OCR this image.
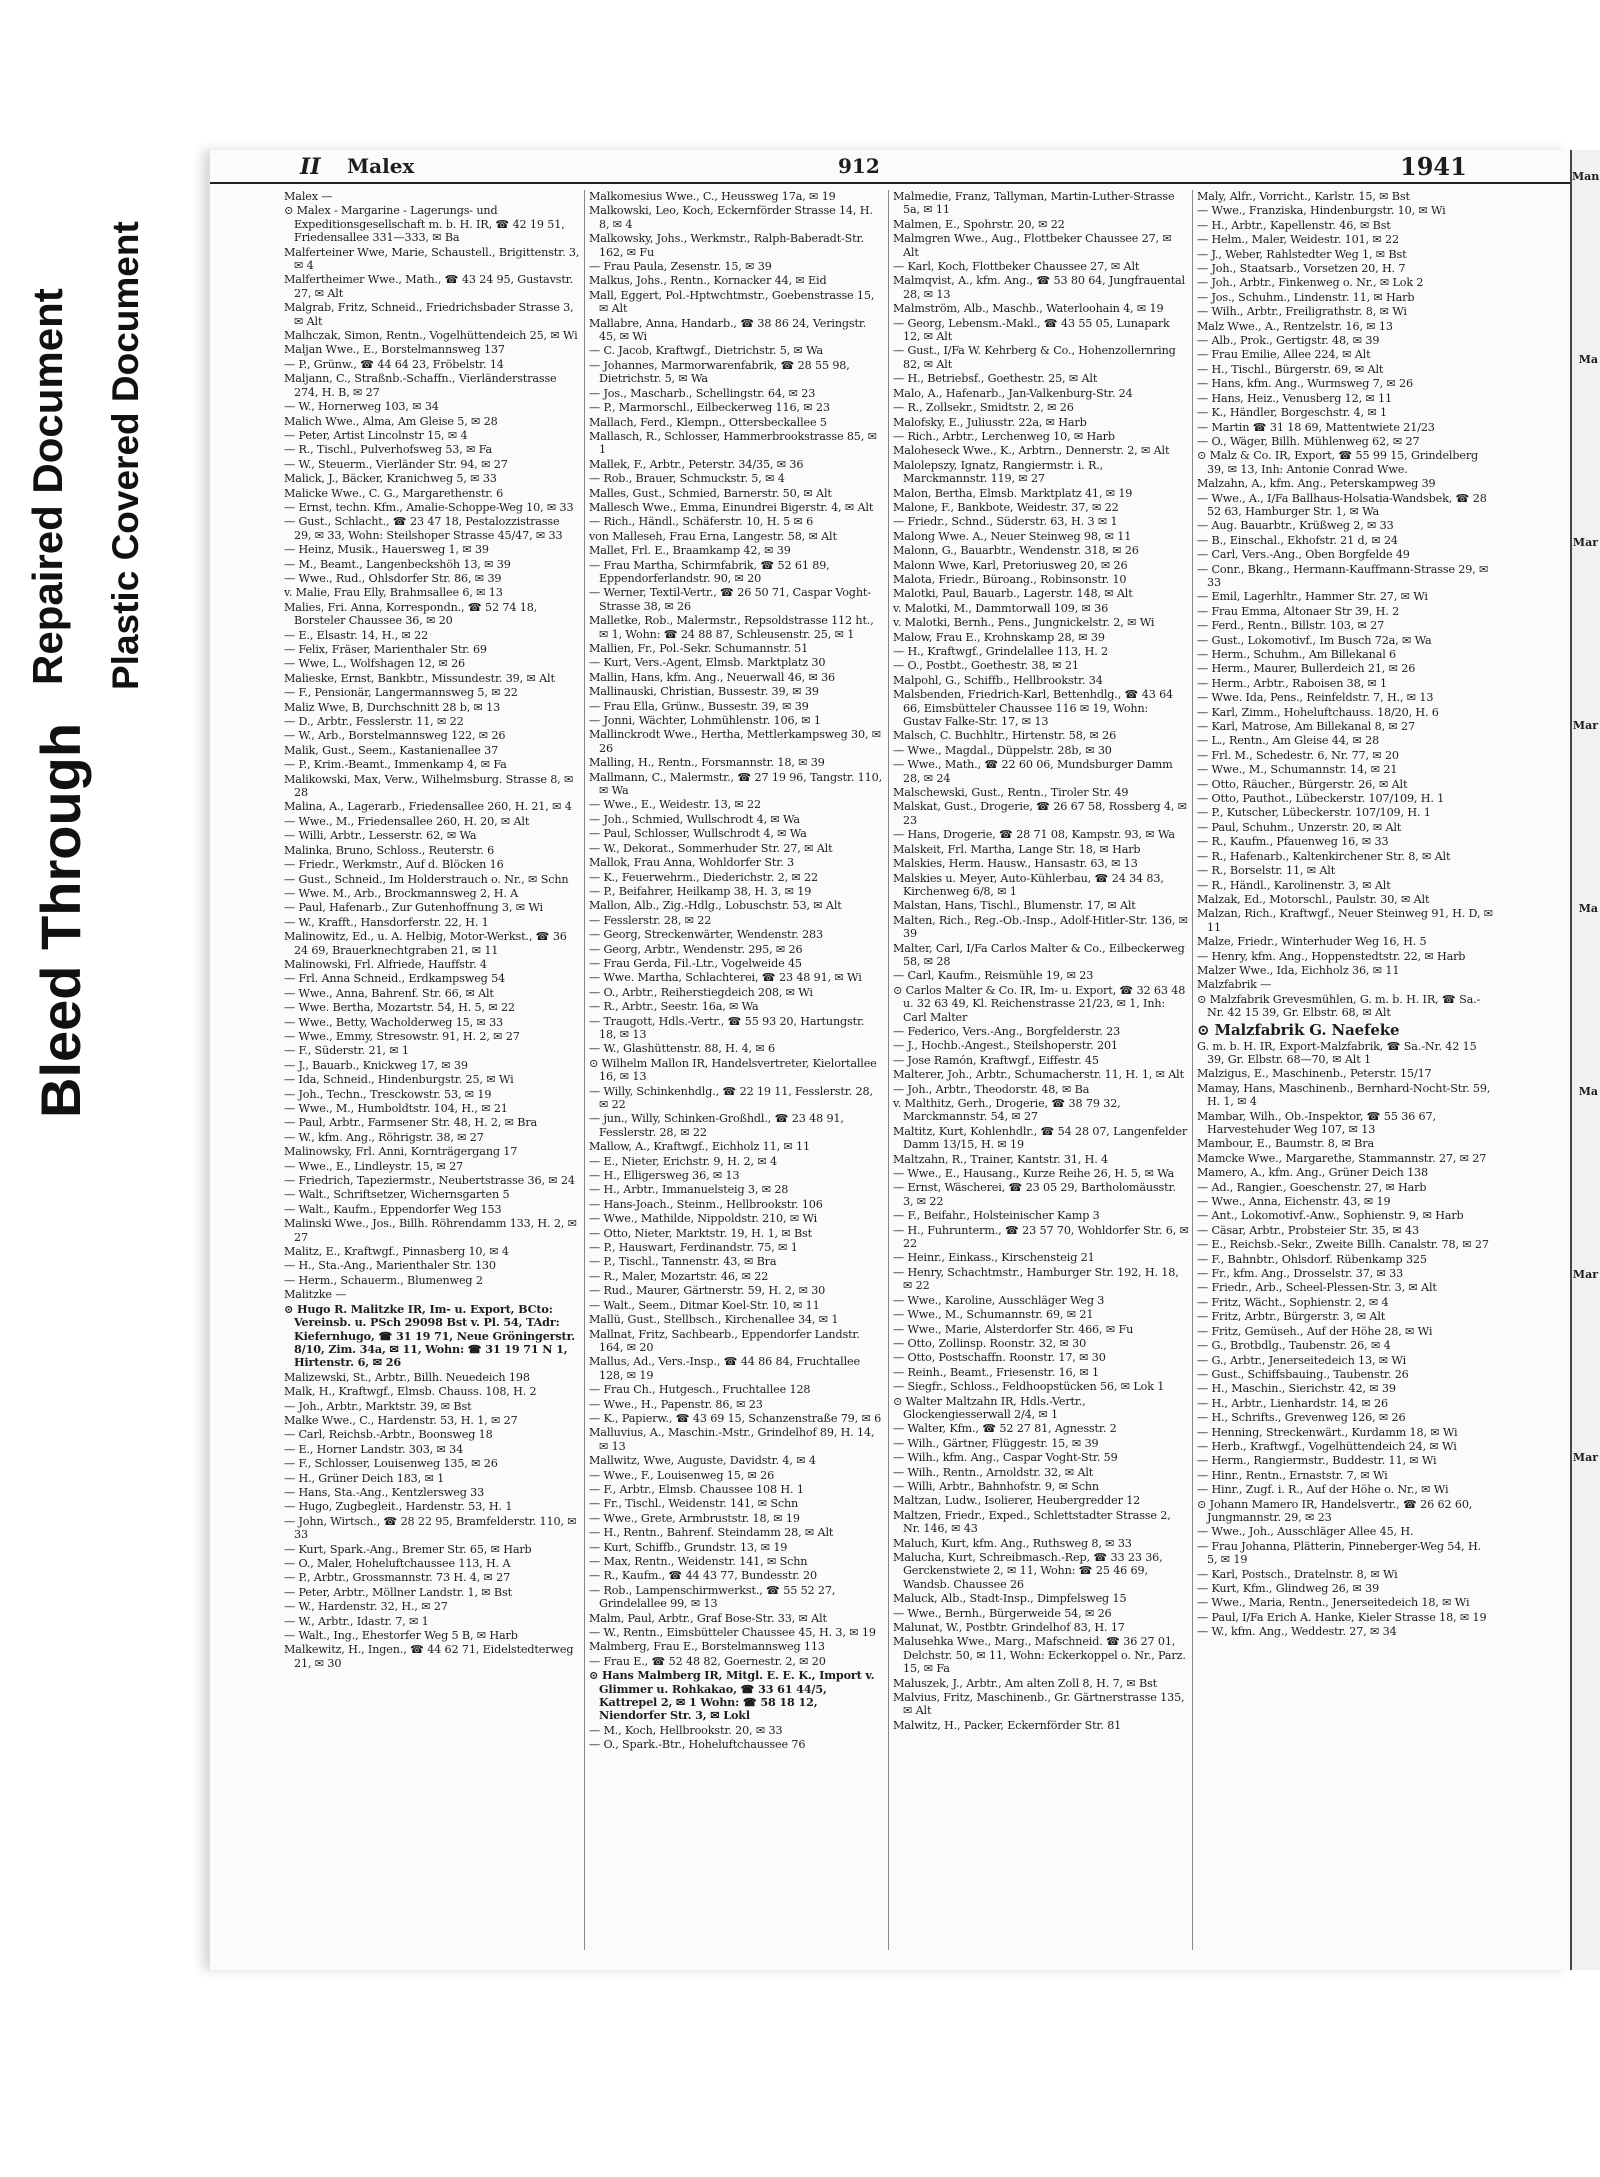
Bleed Through
Repaired Document Plastic Covered Document
II Malex	912	1941
Malex —
⊙ Malex - Margarine - Lagerungs- und Expeditionsgesellschaft m. b. H. IR, ☎ 42 19 51, Friedensallee 331—333, ✉ Ba
Malferteiner Wwe, Marie, Schaustell., Brigittenstr. 3, ✉ 4
Malfertheimer Wwe., Math., ☎ 43 24 95, Gustavstr. 27, ✉ Alt
Malgrab, Fritz, Schneid., Friedrichsbader Strasse 3, ✉ Alt
Malhczak, Simon, Rentn., Vogelhüttendeich 25, ✉ Wi
Maljan Wwe., E., Borstelmannsweg 137
— P., Grünw., ☎ 44 64 23, Fröbelstr. 14
Maljann, C., Straßnb.-Schaffn., Vierländerstrasse 274, H. B, ✉ 27
— W., Hornerweg 103, ✉ 34
Malich Wwe., Alma, Am Gleise 5, ✉ 28
— Peter, Artist Lincolnstr 15, ✉ 4
— R., Tischl., Pulverhofsweg 53, ✉ Fa
— W., Steuerm., Vierländer Str. 94, ✉ 27
Malick, J., Bäcker, Kranichweg 5, ✉ 33
Malicke Wwe., C. G., Margarethenstr. 6
— Ernst, techn. Kfm., Amalie-Schoppe-Weg 10, ✉ 33
— Gust., Schlacht., ☎ 23 47 18, Pestalozzistrasse 29, ✉ 33, Wohn: Steilshoper Strasse 45/47, ✉ 33
— Heinz, Musik., Hauersweg 1, ✉ 39
— M., Beamt., Langenbeckshöh 13, ✉ 39
— Wwe., Rud., Ohlsdorfer Str. 86, ✉ 39
v. Malie, Frau Elly, Brahmsallee 6, ✉ 13
Malies, Fri. Anna, Korrespondn., ☎ 52 74 18, Borsteler Chaussee 36, ✉ 20
— E., Elsastr. 14, H., ✉ 22
— Felix, Fräser, Marienthaler Str. 69
— Wwe, L., Wolfshagen 12, ✉ 26
Malieske, Ernst, Bankbtr., Missundestr. 39, ✉ Alt
— F., Pensionär, Langermannsweg 5, ✉ 22
Maliz Wwe, B, Durchschnitt 28 b, ✉ 13
— D., Arbtr., Fesslerstr. 11, ✉ 22
— W., Arb., Borstelmannsweg 122, ✉ 26
Malik, Gust., Seem., Kastanienallee 37
— P., Krim.-Beamt., Immenkamp 4, ✉ Fa
Malikowski, Max, Verw., Wilhelmsburg. Strasse 8, ✉ 28
Malina, A., Lagerarb., Friedensallee 260, H. 21, ✉ 4
— Wwe., M., Friedensallee 260, H. 20, ✉ Alt
— Willi, Arbtr., Lesserstr. 62, ✉ Wa
Malinka, Bruno, Schloss., Reuterstr. 6
— Friedr., Werkmstr., Auf d. Blöcken 16
— Gust., Schneid., Im Holderstrauch o. Nr., ✉ Schn
— Wwe. M., Arb., Brockmannsweg 2, H. A
— Paul, Hafenarb., Zur Gutenhoffnung 3, ✉ Wi
— W., Krafft., Hansdorferstr. 22, H. 1
Malinowitz, Ed., u. A. Helbig, Motor-Werkst., ☎ 36 24 69, Brauerknechtgraben 21, ✉ 11
Malinowski, Frl. Alfriede, Hauffstr. 4
— Frl. Anna Schneid., Erdkampsweg 54
— Wwe., Anna, Bahrenf. Str. 66, ✉ Alt
— Wwe. Bertha, Mozartstr. 54, H. 5, ✉ 22
— Wwe., Betty, Wacholderweg 15, ✉ 33
— Wwe., Emmy, Stresowstr. 91, H. 2, ✉ 27
— F., Süderstr. 21, ✉ 1
— J., Bauarb., Knickweg 17, ✉ 39
— Ida, Schneid., Hindenburgstr. 25, ✉ Wi
— Joh., Techn., Tresckowstr. 53, ✉ 19
— Wwe., M., Humboldtstr. 104, H., ✉ 21
— Paul, Arbtr., Farmsener Str. 48, H. 2, ✉ Bra
— W., kfm. Ang., Röhrigstr. 38, ✉ 27
Malinowsky, Frl. Anni, Kornträgergang 17
— Wwe., E., Lindleystr. 15, ✉ 27
— Friedrich, Tapeziermstr., Neubertstrasse 36, ✉ 24
— Walt., Schriftsetzer, Wichernsgarten 5
— Walt., Kaufm., Eppendorfer Weg 153
Malinski Wwe., Jos., Billh. Röhrendamm 133, H. 2, ✉ 27
Malitz, E., Kraftwgf., Pinnasberg 10, ✉ 4
— H., Sta.-Ang., Marienthaler Str. 130
— Herm., Schauerm., Blumenweg 2
Malitzke —
⊙ Hugo R. Malitzke IR, Im- u. Export, BCto: Vereinsb. u. PSch 29098 Bst v. Pl. 54, TAdr: Kiefernhugo, ☎ 31 19 71, Neue Gröningerstr. 8/10, Zim. 34a, ✉ 11, Wohn: ☎ 31 19 71 N 1, Hirtenstr. 6, ✉ 26
Malizewski, St., Arbtr., Billh. Neuedeich 198
Malk, H., Kraftwgf., Elmsb. Chauss. 108, H. 2
— Joh., Arbtr., Marktstr. 39, ✉ Bst
Malke Wwe., C., Hardenstr. 53, H. 1, ✉ 27
— Carl, Reichsb.-Arbtr., Boonsweg 18
— E., Horner Landstr. 303, ✉ 34
— F., Schlosser, Louisenweg 135, ✉ 26
— H., Grüner Deich 183, ✉ 1
— Hans, Sta.-Ang., Kentzlersweg 33
— Hugo, Zugbegleit., Hardenstr. 53, H. 1
— John, Wirtsch., ☎ 28 22 95, Bramfelderstr. 110, ✉ 33
— Kurt, Spark.-Ang., Bremer Str. 65, ✉ Harb
— O., Maler, Hoheluftchaussee 113, H. A
— P., Arbtr., Grossmannstr. 73 H. 4, ✉ 27
— Peter, Arbtr., Möllner Landstr. 1, ✉ Bst
— W., Hardenstr. 32, H., ✉ 27
— W., Arbtr., Idastr. 7, ✉ 1
— Walt., Ing., Ehestorfer Weg 5 B, ✉ Harb
Malkewitz, H., Ingen., ☎ 44 62 71, Eidelstedterweg 21, ✉ 30
Malkomesius Wwe., C., Heussweg 17a, ✉ 19
Malkowski, Leo, Koch, Eckernförder Strasse 14, H. 8, ✉ 4
Malkowsky, Johs., Werkmstr., Ralph-Baberadt-Str. 162, ✉ Fu
— Frau Paula, Zesenstr. 15, ✉ 39
Malkus, Johs., Rentn., Kornacker 44, ✉ Eid
Mall, Eggert, Pol.-Hptwchtmstr., Goebenstrasse 15, ✉ Alt
Mallabre, Anna, Handarb., ☎ 38 86 24, Veringstr. 45, ✉ Wi
— C. Jacob, Kraftwgf., Dietrichstr. 5, ✉ Wa
— Johannes, Marmorwarenfabrik, ☎ 28 55 98, Dietrichstr. 5, ✉ Wa
— Jos., Mascharb., Schellingstr. 64, ✉ 23
— P., Marmorschl., Eilbeckerweg 116, ✉ 23
Mallach, Ferd., Klempn., Ottersbeckallee 5
Mallasch, R., Schlosser, Hammerbrookstrasse 85, ✉ 1
Mallek, F., Arbtr., Peterstr. 34/35, ✉ 36
— Rob., Brauer, Schmuckstr. 5, ✉ 4
Malles, Gust., Schmied, Barnerstr. 50, ✉ Alt
Mallesch Wwe., Emma, Einundrei Bigerstr. 4, ✉ Alt
— Rich., Händl., Schäferstr. 10, H. 5 ✉ 6
von Malleseh, Frau Erna, Langestr. 58, ✉ Alt
Mallet, Frl. E., Braamkamp 42, ✉ 39
— Frau Martha, Schirmfabrik, ☎ 52 61 89, Eppendorferlandstr. 90, ✉ 20
— Werner, Textil-Vertr., ☎ 26 50 71, Caspar Voght-Strasse 38, ✉ 26
Malletke, Rob., Malermstr., Repsoldstrasse 112 ht., ✉ 1, Wohn: ☎ 24 88 87, Schleusenstr. 25, ✉ 1
Mallien, Fr., Pol.-Sekr. Schumannstr. 51
— Kurt, Vers.-Agent, Elmsb. Marktplatz 30
Mallin, Hans, kfm. Ang., Neuerwall 46, ✉ 36
Mallinauski, Christian, Bussestr. 39, ✉ 39
— Frau Ella, Grünw., Bussestr. 39, ✉ 39
— Jonni, Wächter, Lohmühlenstr. 106, ✉ 1
Mallinckrodt Wwe., Hertha, Mettlerkampsweg 30, ✉ 26
Malling, H., Rentn., Forsmannstr. 18, ✉ 39
Mallmann, C., Malermstr., ☎ 27 19 96, Tangstr. 110, ✉ Wa
— Wwe., E., Weidestr. 13, ✉ 22
— Joh., Schmied, Wullschrodt 4, ✉ Wa
— Paul, Schlosser, Wullschrodt 4, ✉ Wa
— W., Dekorat., Sommerhuder Str. 27, ✉ Alt
Mallok, Frau Anna, Wohldorfer Str. 3
— K., Feuerwehrm., Diederichstr. 2, ✉ 22
— P., Beifahrer, Heilkamp 38, H. 3, ✉ 19
Mallon, Alb., Zig.-Hdlg., Lobuschstr. 53, ✉ Alt
— Fesslerstr. 28, ✉ 22
— Georg, Streckenwärter, Wendenstr. 283
— Georg, Arbtr., Wendenstr. 295, ✉ 26
— Frau Gerda, Fil.-Ltr., Vogelweide 45
— Wwe. Martha, Schlachterei, ☎ 23 48 91, ✉ Wi
— O., Arbtr., Reiherstiegdeich 208, ✉ Wi
— R., Arbtr., Seestr. 16a, ✉ Wa
— Traugott, Hdls.-Vertr., ☎ 55 93 20, Hartungstr. 18, ✉ 13
— W., Glashüttenstr. 88, H. 4, ✉ 6
⊙ Wilhelm Mallon IR, Handelsvertreter, Kielortallee 16, ✉ 13
— Willy, Schinkenhdlg., ☎ 22 19 11, Fesslerstr. 28, ✉ 22
— jun., Willy, Schinken-Großhdl., ☎ 23 48 91, Fesslerstr. 28, ✉ 22
Mallow, A., Kraftwgf., Eichholz 11, ✉ 11
— E., Nieter, Erichstr. 9, H. 2, ✉ 4
— H., Elligersweg 36, ✉ 13
— H., Arbtr., Immanuelsteig 3, ✉ 28
— Hans-Joach., Steinm., Hellbrookstr. 106
— Wwe., Mathilde, Nippoldstr. 210, ✉ Wi
— Otto, Nieter, Marktstr. 19, H. 1, ✉ Bst
— P., Hauswart, Ferdinandstr. 75, ✉ 1
— P., Tischl., Tannenstr. 43, ✉ Bra
— R., Maler, Mozartstr. 46, ✉ 22
— Rud., Maurer, Gärtnerstr. 59, H. 2, ✉ 30
— Walt., Seem., Ditmar Koel-Str. 10, ✉ 11
Mallü, Gust., Stellbsch., Kirchenallee 34, ✉ 1
Mallnat, Fritz, Sachbearb., Eppendorfer Landstr. 164, ✉ 20
Mallus, Ad., Vers.-Insp., ☎ 44 86 84, Fruchtallee 128, ✉ 19
— Frau Ch., Hutgesch., Fruchtallee 128
— Wwe., H., Papenstr. 86, ✉ 23
— K., Papierw., ☎ 43 69 15, Schanzenstraße 79, ✉ 6
Malluvius, A., Maschin.-Mstr., Grindelhof 89, H. 14, ✉ 13
Mallwitz, Wwe, Auguste, Davidstr. 4, ✉ 4
— Wwe., F., Louisenweg 15, ✉ 26
— F., Arbtr., Elmsb. Chaussee 108 H. 1
— Fr., Tischl., Weidenstr. 141, ✉ Schn
— Wwe., Grete, Armbruststr. 18, ✉ 19
— H., Rentn., Bahrenf. Steindamm 28, ✉ Alt
— Kurt, Schiffb., Grundstr. 13, ✉ 19
— Max, Rentn., Weidenstr. 141, ✉ Schn
— R., Kaufm., ☎ 44 43 77, Bundesstr. 20
— Rob., Lampenschirmwerkst., ☎ 55 52 27, Grindelallee 99, ✉ 13
Malm, Paul, Arbtr., Graf Bose-Str. 33, ✉ Alt
— W., Rentn., Eimsbütteler Chaussee 45, H. 3, ✉ 19
Malmberg, Frau E., Borstelmannsweg 113
— Frau E., ☎ 52 48 82, Goernestr. 2, ✉ 20
⊙ Hans Malmberg IR, Mitgl. E. E. K., Import v. Glimmer u. Rohkakao, ☎ 33 61 44/5, Kattrepel 2, ✉ 1 Wohn: ☎ 58 18 12, Niendorfer Str. 3, ✉ Lokl
— M., Koch, Hellbrookstr. 20, ✉ 33
— O., Spark.-Btr., Hoheluftchaussee 76
Malmedie, Franz, Tallyman, Martin-Luther-Strasse 5a, ✉ 11
Malmen, E., Spohrstr. 20, ✉ 22
Malmgren Wwe., Aug., Flottbeker Chaussee 27, ✉ Alt
— Karl, Koch, Flottbeker Chaussee 27, ✉ Alt
Malmqvist, A., kfm. Ang., ☎ 53 80 64, Jungfrauental 28, ✉ 13
Malmström, Alb., Maschb., Waterloohain 4, ✉ 19
— Georg, Lebensm.-Makl., ☎ 43 55 05, Lunapark 12, ✉ Alt
— Gust., I/Fa W. Kehrberg & Co., Hohenzollernring 82, ✉ Alt
— H., Betriebsf., Goethestr. 25, ✉ Alt
Malo, A., Hafenarb., Jan-Valkenburg-Str. 24
— R., Zollsekr., Smidtstr. 2, ✉ 26
Malofsky, E., Juliusstr. 22a, ✉ Harb
— Rich., Arbtr., Lerchenweg 10, ✉ Harb
Maloheseck Wwe., K., Arbtrn., Dennerstr. 2, ✉ Alt
Malolepszy, Ignatz, Rangiermstr. i. R., Marckmannstr. 119, ✉ 27
Malon, Bertha, Elmsb. Marktplatz 41, ✉ 19
Malone, F., Bankbote, Weidestr. 37, ✉ 22
— Friedr., Schnd., Süderstr. 63, H. 3 ✉ 1
Malong Wwe. A., Neuer Steinweg 98, ✉ 11
Malonn, G., Bauarbtr., Wendenstr. 318, ✉ 26
Malonn Wwe, Karl, Pretoriusweg 20, ✉ 26
Malota, Friedr., Büroang., Robinsonstr. 10
Malotki, Paul, Bauarb., Lagerstr. 148, ✉ Alt
v. Malotki, M., Dammtorwall 109, ✉ 36
v. Malotki, Bernh., Pens., Jungnickelstr. 2, ✉ Wi
Malow, Frau E., Krohnskamp 28, ✉ 39
— H., Kraftwgf., Grindelallee 113, H. 2
— O., Postbt., Goethestr. 38, ✉ 21
Malpohl, G., Schiffb., Hellbrookstr. 34
Malsbenden, Friedrich-Karl, Bettenhdlg., ☎ 43 64 66, Eimsbütteler Chaussee 116 ✉ 19, Wohn: Gustav Falke-Str. 17, ✉ 13
Malsch, C. Buchhltr., Hirtenstr. 58, ✉ 26
— Wwe., Magdal., Düppelstr. 28b, ✉ 30
— Wwe., Math., ☎ 22 60 06, Mundsburger Damm 28, ✉ 24
Malschewski, Gust., Rentn., Tiroler Str. 49
Malskat, Gust., Drogerie, ☎ 26 67 58, Rossberg 4, ✉ 23
— Hans, Drogerie, ☎ 28 71 08, Kampstr. 93, ✉ Wa
Malskeit, Frl. Martha, Lange Str. 18, ✉ Harb
Malskies, Herm. Hausw., Hansastr. 63, ✉ 13
Malskies u. Meyer, Auto-Kühlerbau, ☎ 24 34 83, Kirchenweg 6/8, ✉ 1
Malstan, Hans, Tischl., Blumenstr. 17, ✉ Alt
Malten, Rich., Reg.-Ob.-Insp., Adolf-Hitler-Str. 136, ✉ 39
Malter, Carl, I/Fa Carlos Malter & Co., Eilbeckerweg 58, ✉ 28
— Carl, Kaufm., Reismühle 19, ✉ 23
⊙ Carlos Malter & Co. IR, Im- u. Export, ☎ 32 63 48 u. 32 63 49, Kl. Reichenstrasse 21/23, ✉ 1, Inh: Carl Malter
— Federico, Vers.-Ang., Borgfelderstr. 23
— J., Hochb.-Angest., Steilshoperstr. 201
— Jose Ramón, Kraftwgf., Eiffestr. 45
Malterer, Joh., Arbtr., Schumacherstr. 11, H. 1, ✉ Alt
— Joh., Arbtr., Theodorstr. 48, ✉ Ba
v. Malthitz, Gerh., Drogerie, ☎ 38 79 32, Marckmannstr. 54, ✉ 27
Maltitz, Kurt, Kohlenhdlr., ☎ 54 28 07, Langenfelder Damm 13/15, H. ✉ 19
Maltzahn, R., Trainer, Kantstr. 31, H. 4
— Wwe., E., Hausang., Kurze Reihe 26, H. 5, ✉ Wa
— Ernst, Wäscherei, ☎ 23 05 29, Bartholomäusstr. 3, ✉ 22
— F., Beifahr., Holsteinischer Kamp 3
— H., Fuhrunterm., ☎ 23 57 70, Wohldorfer Str. 6, ✉ 22
— Heinr., Einkass., Kirschensteig 21
— Henry, Schachtmstr., Hamburger Str. 192, H. 18, ✉ 22
— Wwe., Karoline, Ausschläger Weg 3
— Wwe., M., Schumannstr. 69, ✉ 21
— Wwe., Marie, Alsterdorfer Str. 466, ✉ Fu
— Otto, Zollinsp. Roonstr. 32, ✉ 30
— Otto, Postschaffn. Roonstr. 17, ✉ 30
— Reinh., Beamt., Friesenstr. 16, ✉ 1
— Siegfr., Schloss., Feldhoopstücken 56, ✉ Lok 1
⊙ Walter Maltzahn IR, Hdls.-Vertr., Glockengiesserwall 2/4, ✉ 1
— Walter, Kfm., ☎ 52 27 81, Agnesstr. 2
— Wilh., Gärtner, Flüggestr. 15, ✉ 39
— Wilh., kfm. Ang., Caspar Voght-Str. 59
— Wilh., Rentn., Arnoldstr. 32, ✉ Alt
— Willi, Arbtr., Bahnhofstr. 9, ✉ Schn
Maltzan, Ludw., Isolierer, Heubergredder 12
Maltzen, Friedr., Exped., Schlettstadter Strasse 2, Nr. 146, ✉ 43
Maluch, Kurt, kfm. Ang., Ruthsweg 8, ✉ 33
Malucha, Kurt, Schreibmasch.-Rep, ☎ 33 23 36, Gerckenstwiete 2, ✉ 11, Wohn: ☎ 25 46 69, Wandsb. Chaussee 26
Maluck, Alb., Stadt-Insp., Dimpfelsweg 15
— Wwe., Bernh., Bürgerweide 54, ✉ 26
Malunat, W., Postbtr. Grindelhof 83, H. 17
Malusehka Wwe., Marg., Mafschneid. ☎ 36 27 01, Delchstr. 50, ✉ 11, Wohn: Eckerkoppel o. Nr., Parz. 15, ✉ Fa
Maluszek, J., Arbtr., Am alten Zoll 8, H. 7, ✉ Bst
Malvius, Fritz, Maschinenb., Gr. Gärtnerstrasse 135, ✉ Alt
Malwitz, H., Packer, Eckernförder Str. 81
Maly, Alfr., Vorricht., Karlstr. 15, ✉ Bst
— Wwe., Franziska, Hindenburgstr. 10, ✉ Wi
— H., Arbtr., Kapellenstr. 46, ✉ Bst
— Helm., Maler, Weidestr. 101, ✉ 22
— J., Weber, Rahlstedter Weg 1, ✉ Bst
— Joh., Staatsarb., Vorsetzen 20, H. 7
— Joh., Arbtr., Finkenweg o. Nr., ✉ Lok 2
— Jos., Schuhm., Lindenstr. 11, ✉ Harb
— Wilh., Arbtr., Freiligrathstr. 8, ✉ Wi
Malz Wwe., A., Rentzelstr. 16, ✉ 13
— Alb., Prok., Gertigstr. 48, ✉ 39
— Frau Emilie, Allee 224, ✉ Alt
— H., Tischl., Bürgerstr. 69, ✉ Alt
— Hans, kfm. Ang., Wurmsweg 7, ✉ 26
— Hans, Heiz., Venusberg 12, ✉ 11
— K., Händler, Borgeschstr. 4, ✉ 1
— Martin ☎ 31 18 69, Mattentwiete 21/23
— O., Wäger, Billh. Mühlenweg 62, ✉ 27
⊙ Malz & Co. IR, Export, ☎ 55 99 15, Grindelberg 39, ✉ 13, Inh: Antonie Conrad Wwe.
Malzahn, A., kfm. Ang., Peterskampweg 39
— Wwe., A., I/Fa Ballhaus-Holsatia-Wandsbek, ☎ 28 52 63, Hamburger Str. 1, ✉ Wa
— Aug. Bauarbtr., Krüßweg 2, ✉ 33
— B., Einschal., Ekhofstr. 21 d, ✉ 24
— Carl, Vers.-Ang., Oben Borgfelde 49
— Conr., Bkang., Hermann-Kauffmann-Strasse 29, ✉ 33
— Emil, Lagerhltr., Hammer Str. 27, ✉ Wi
— Frau Emma, Altonaer Str 39, H. 2
— Ferd., Rentn., Billstr. 103, ✉ 27
— Gust., Lokomotivf., Im Busch 72a, ✉ Wa
— Herm., Schuhm., Am Billekanal 6
— Herm., Maurer, Bullerdeich 21, ✉ 26
— Herm., Arbtr., Raboisen 38, ✉ 1
— Wwe. Ida, Pens., Reinfeldstr. 7, H., ✉ 13
— Karl, Zimm., Hoheluftchauss. 18/20, H. 6
— Karl, Matrose, Am Billekanal 8, ✉ 27
— L., Rentn., Am Gleise 44, ✉ 28
— Frl. M., Schedestr. 6, Nr. 77, ✉ 20
— Wwe., M., Schumannstr. 14, ✉ 21
— Otto, Räucher., Bürgerstr. 26, ✉ Alt
— Otto, Pauthot., Lübeckerstr. 107/109, H. 1
— P., Kutscher, Lübeckerstr. 107/109, H. 1
— Paul, Schuhm., Unzerstr. 20, ✉ Alt
— R., Kaufm., Pfauenweg 16, ✉ 33
— R., Hafenarb., Kaltenkirchener Str. 8, ✉ Alt
— R., Borselstr. 11, ✉ Alt
— R., Händl., Karolinenstr. 3, ✉ Alt
Malzak, Ed., Motorschl., Paulstr. 30, ✉ Alt
Malzan, Rich., Kraftwgf., Neuer Steinweg 91, H. D, ✉ 11
Malze, Friedr., Winterhuder Weg 16, H. 5
— Henry, kfm. Ang., Hoppenstedtstr. 22, ✉ Harb
Malzer Wwe., Ida, Eichholz 36, ✉ 11
Malzfabrik —
⊙ Malzfabrik Grevesmühlen, G. m. b. H. IR, ☎ Sa.-Nr. 42 15 39, Gr. Elbstr. 68, ✉ Alt
⊙ Malzfabrik G. Naefeke
G. m. b. H. IR, Export-Malzfabrik, ☎ Sa.-Nr. 42 15 39, Gr. Elbstr. 68—70, ✉ Alt 1
Malzigus, E., Maschinenb., Peterstr. 15/17
Mamay, Hans, Maschinenb., Bernhard-Nocht-Str. 59, H. 1, ✉ 4
Mambar, Wilh., Ob.-Inspektor, ☎ 55 36 67, Harvestehuder Weg 107, ✉ 13
Mambour, E., Baumstr. 8, ✉ Bra
Mamcke Wwe., Margarethe, Stammannstr. 27, ✉ 27
Mamero, A., kfm. Ang., Grüner Deich 138
— Ad., Rangier., Goeschenstr. 27, ✉ Harb
— Wwe., Anna, Eichenstr. 43, ✉ 19
— Ant., Lokomotivf.-Anw., Sophienstr. 9, ✉ Harb
— Cäsar, Arbtr., Probsteier Str. 35, ✉ 43
— E., Reichsb.-Sekr., Zweite Billh. Canalstr. 78, ✉ 27
— F., Bahnbtr., Ohlsdorf. Rübenkamp 325
— Fr., kfm. Ang., Drosselstr. 37, ✉ 33
— Friedr., Arb., Scheel-Plessen-Str. 3, ✉ Alt
— Fritz, Wächt., Sophienstr. 2, ✉ 4
— Fritz, Arbtr., Bürgerstr. 3, ✉ Alt
— Fritz, Gemüseh., Auf der Höhe 28, ✉ Wi
— G., Brotbdlg., Taubenstr. 26, ✉ 4
— G., Arbtr., Jenerseitedeich 13, ✉ Wi
— Gust., Schiffsbauing., Taubenstr. 26
— H., Maschin., Sierichstr. 42, ✉ 39
— H., Arbtr., Lienhardstr. 14, ✉ 26
— H., Schrifts., Grevenweg 126, ✉ 26
— Henning, Streckenwärt., Kurdamm 18, ✉ Wi
— Herb., Kraftwgf., Vogelhüttendeich 24, ✉ Wi
— Herm., Rangiermstr., Buddestr. 11, ✉ Wi
— Hinr., Rentn., Ernaststr. 7, ✉ Wi
— Hinr., Zugf. i. R., Auf der Höhe o. Nr., ✉ Wi
⊙ Johann Mamero IR, Handelsvertr., ☎ 26 62 60, Jungmannstr. 29, ✉ 23
— Wwe., Joh., Ausschläger Allee 45, H.
— Frau Johanna, Plätterin, Pinneberger-Weg 54, H. 5, ✉ 19
— Karl, Postsch., Dratelnstr. 8, ✉ Wi
— Kurt, Kfm., Glindweg 26, ✉ 39
— Wwe., Maria, Rentn., Jenerseitedeich 18, ✉ Wi
— Paul, I/Fa Erich A. Hanke, Kieler Strasse 18, ✉ 19
— W., kfm. Ang., Weddestr. 27, ✉ 34
Man
Ma
Mar
Mar
Ma
Ma
Mar
Mar
